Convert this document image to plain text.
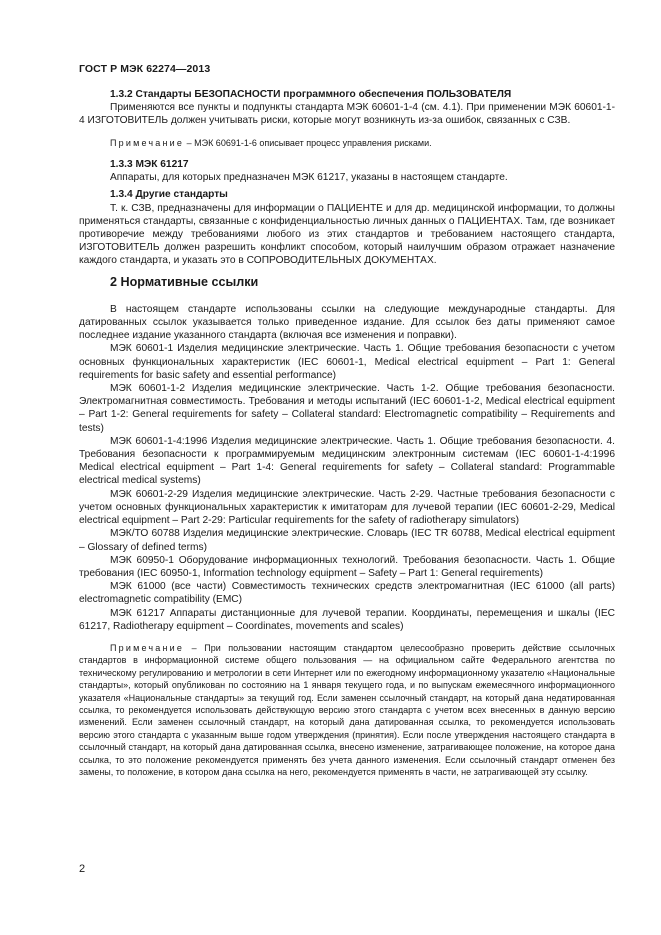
ГОСТ Р МЭК 62274—2013

1.3.2 Стандарты БЕЗОПАСНОСТИ программного обеспечения ПОЛЬЗОВАТЕЛЯ

Применяются все пункты и подпункты стандарта МЭК 60601-1-4 (см. 4.1). При применении МЭК 60601-1-4 ИЗГОТОВИТЕЛЬ должен учитывать риски, которые могут возникнуть из-за ошибок, связанных с СЗВ.

Примечание – МЭК 60691-1-6 описывает процесс управления рисками.

1.3.3 МЭК 61217

Аппараты, для которых предназначен МЭК 61217, указаны в настоящем стандарте.

1.3.4 Другие стандарты

Т. к. СЗВ, предназначены для информации о ПАЦИЕНТЕ и для др. медицинской информации, то должны применяться стандарты, связанные с конфиденциальностью личных данных о ПАЦИЕНТАХ. Там, где возникает противоречие между требованиями любого из этих стандартов и требованием настоящего стандарта, ИЗГОТОВИТЕЛЬ должен разрешить конфликт способом, который наилучшим образом отражает назначение каждого стандарта, и указать это в СОПРОВОДИТЕЛЬНЫХ ДОКУМЕНТАХ.

2 Нормативные ссылки

В настоящем стандарте использованы ссылки на следующие международные стандарты. Для датированных ссылок указывается только приведенное издание. Для ссылок без даты применяют самое последнее издание указанного стандарта (включая все изменения и поправки).

МЭК 60601-1 Изделия медицинские электрические. Часть 1. Общие требования безопасности с учетом основных функциональных характеристик (IEC 60601-1, Medical electrical equipment – Part 1: General requirements for basic safety and essential performance)

МЭК 60601-1-2 Изделия медицинские электрические. Часть 1-2. Общие требования безопасности. Электромагнитная совместимость. Требования и методы испытаний (IEC 60601-1-2, Medical electrical equipment – Part 1-2: General requirements for safety – Collateral standard: Electromagnetic compatibility – Requirements and tests)

МЭК 60601-1-4:1996 Изделия медицинские электрические. Часть 1. Общие требования безопасности. 4. Требования безопасности к программируемым медицинским электронным системам (IEC 60601-1-4:1996 Medical electrical equipment – Part 1-4: General requirements for safety – Collateral standard: Programmable electrical medical systems)

МЭК 60601-2-29 Изделия медицинские электрические. Часть 2-29. Частные требования безопасности с учетом основных функциональных характеристик к имитаторам для лучевой терапии (IEC 60601-2-29, Medical electrical equipment – Part 2-29: Particular requirements for the safety of radiotherapy simulators)

МЭК/ТО 60788 Изделия медицинские электрические. Словарь (IEC TR 60788, Medical electrical equipment – Glossary of defined terms)

МЭК 60950-1 Оборудование информационных технологий. Требования безопасности. Часть 1. Общие требования (IEC 60950-1, Information technology equipment – Safety – Part 1: General requirements)

МЭК 61000 (все части) Совместимость технических средств электромагнитная (IEC 61000 (all parts) electromagnetic compatibility (EMC)

МЭК 61217 Аппараты дистанционные для лучевой терапии. Координаты, перемещения и шкалы (IEC 61217, Radiotherapy equipment – Coordinates, movements and scales)

Примечание – При пользовании настоящим стандартом целесообразно проверить действие ссылочных стандартов в информационной системе общего пользования — на официальном сайте Федерального агентства по техническому регулированию и метрологии в сети Интернет или по ежегодному информационному указателю «Национальные стандарты», который опубликован по состоянию на 1 января текущего года, и по выпускам ежемесячного информационного указателя «Национальные стандарты» за текущий год. Если заменен ссылочный стандарт, на который дана недатированная ссылка, то рекомендуется использовать действующую версию этого стандарта с учетом всех внесенных в данную версию изменений. Если заменен ссылочный стандарт, на который дана датированная ссылка, то рекомендуется использовать версию этого стандарта с указанным выше годом утверждения (принятия). Если после утверждения настоящего стандарта в ссылочный стандарт, на который дана датированная ссылка, внесено изменение, затрагивающее положение, на которое дана ссылка, то это положение рекомендуется применять без учета данного изменения. Если ссылочный стандарт отменен без замены, то положение, в котором дана ссылка на него, рекомендуется применять в части, не затрагивающей эту ссылку.

2
